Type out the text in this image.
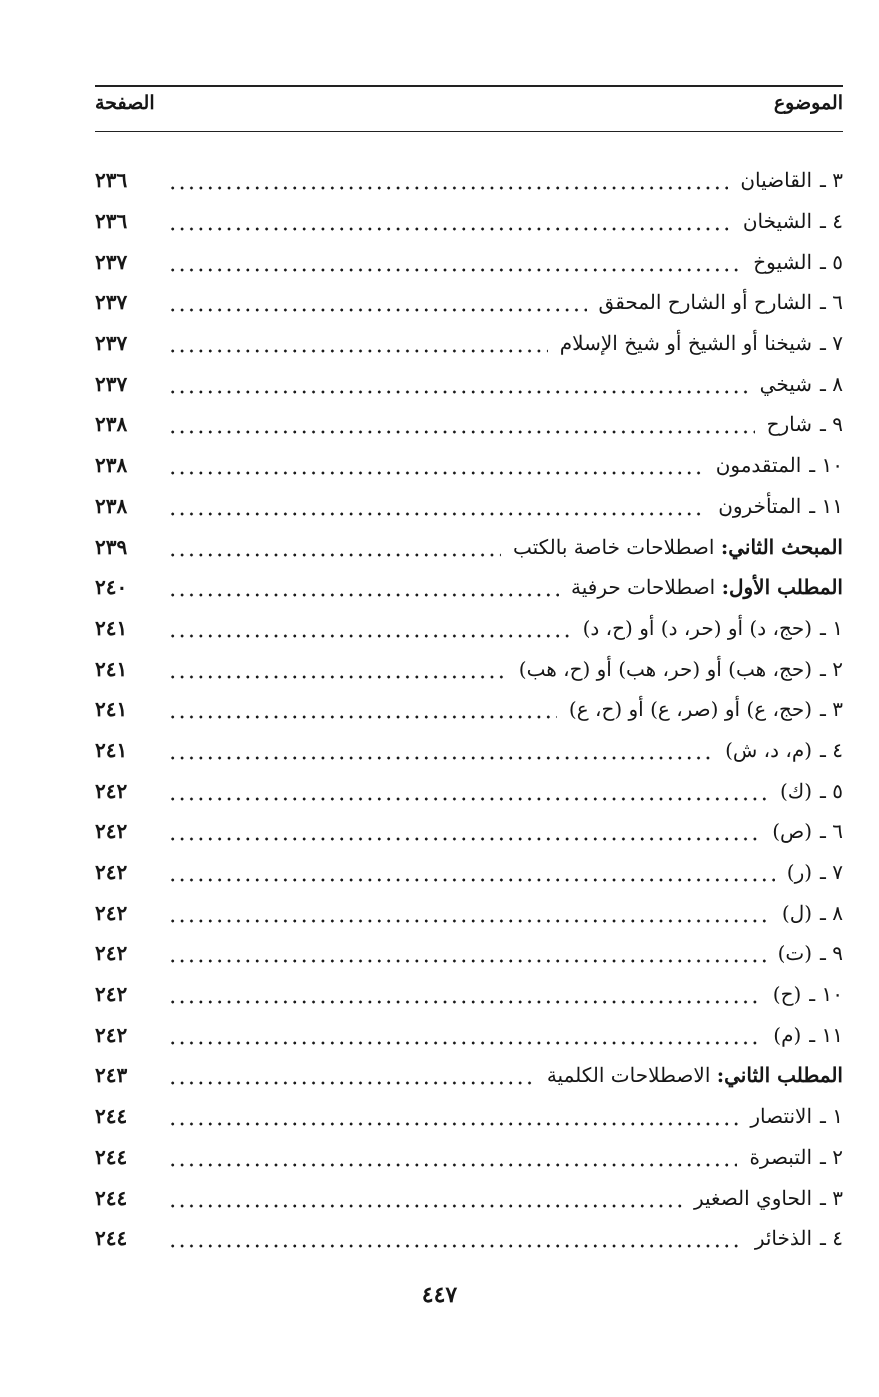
الموضوع
الصفحة
٣ ـ
القاضيان
٢٣٦
٤ ـ
الشيخان
٢٣٦
٥ ـ
الشيوخ
٢٣٧
٦ ـ
الشارح أو الشارح المحقق
٢٣٧
٧ ـ
شيخنا أو الشيخ أو شيخ الإسلام
٢٣٧
٨ ـ
شيخي
٢٣٧
٩ ـ
شارح
٢٣٨
١٠ ـ
المتقدمون
٢٣٨
١١ ـ
المتأخرون
٢٣٨
المبحث الثاني: اصطلاحات خاصة بالكتب
٢٣٩
المطلب الأول: اصطلاحات حرفية
٢٤٠
١ ـ
(حج، د) أو (حر، د) أو (ح، د)
٢٤١
٢ ـ
(حج، هب) أو (حر، هب) أو (ح، هب)
٢٤١
٣ ـ
(حج، ع) أو (صر، ع) أو (ح، ع)
٢٤١
٤ ـ
(م، د، ش)
٢٤١
٥ ـ
(ك)
٢٤٢
٦ ـ
(ص)
٢٤٢
٧ ـ
(ر)
٢٤٢
٨ ـ
(ل)
٢٤٢
٩ ـ
(ت)
٢٤٢
١٠ ـ
(ح)
٢٤٢
١١ ـ
(م)
٢٤٢
المطلب الثاني: الاصطلاحات الكلمية
٢٤٣
١ ـ
الانتصار
٢٤٤
٢ ـ
التبصرة
٢٤٤
٣ ـ
الحاوي الصغير
٢٤٤
٤ ـ
الذخائر
٢٤٤
٤٤٧
